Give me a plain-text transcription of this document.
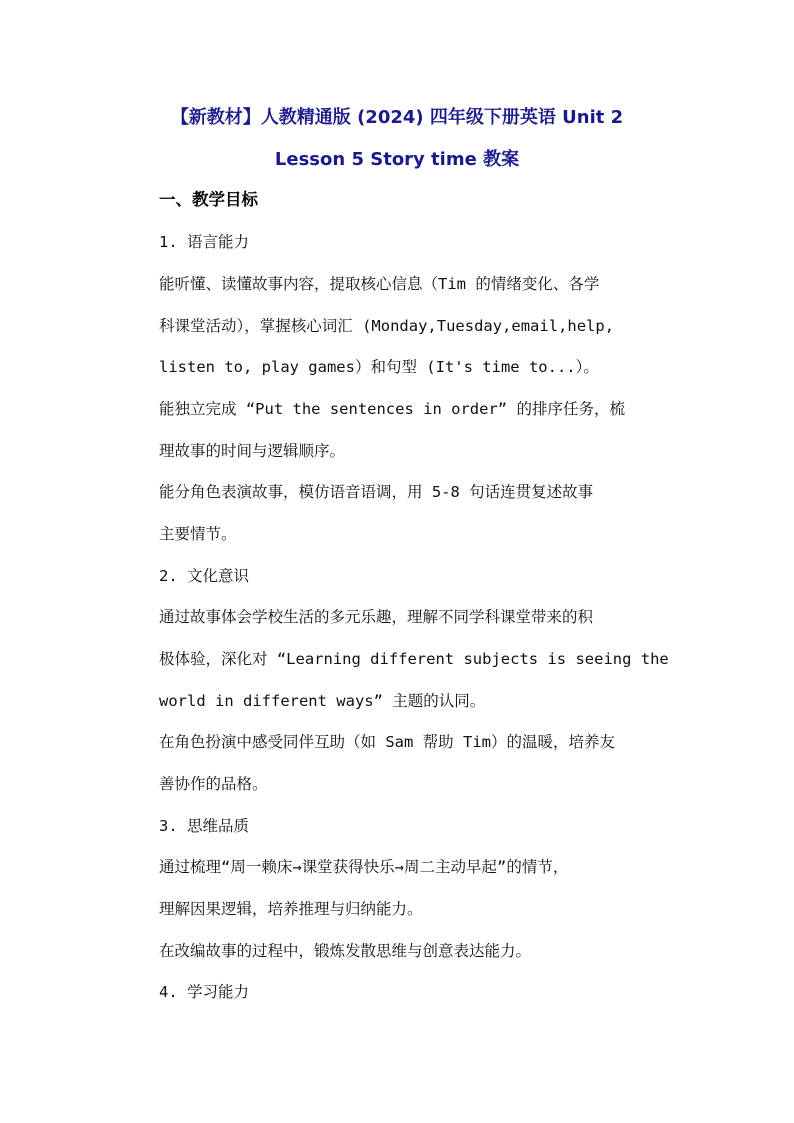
【新教材】人教精通版 (2024) 四年级下册英语 Unit 2
Lesson 5 Story time 教案
一、教学目标
1. 语言能力
能听懂、读懂故事内容，提取核心信息（Tim 的情绪变化、各学
科课堂活动），掌握核心词汇 (Monday,Tuesday,email,help,
listen to, play games）和句型 (It's time to...）。
能独立完成 “Put the sentences in order” 的排序任务，梳
理故事的时间与逻辑顺序。
能分角色表演故事，模仿语音语调，用 5-8 句话连贯复述故事
主要情节。
2. 文化意识
通过故事体会学校生活的多元乐趣，理解不同学科课堂带来的积
极体验，深化对 “Learning different subjects is seeing the
world in different ways” 主题的认同。
在角色扮演中感受同伴互助（如 Sam 帮助 Tim）的温暖，培养友
善协作的品格。
3. 思维品质
通过梳理“周一赖床→课堂获得快乐→周二主动早起”的情节，
理解因果逻辑，培养推理与归纳能力。
在改编故事的过程中，锻炼发散思维与创意表达能力。
4. 学习能力
